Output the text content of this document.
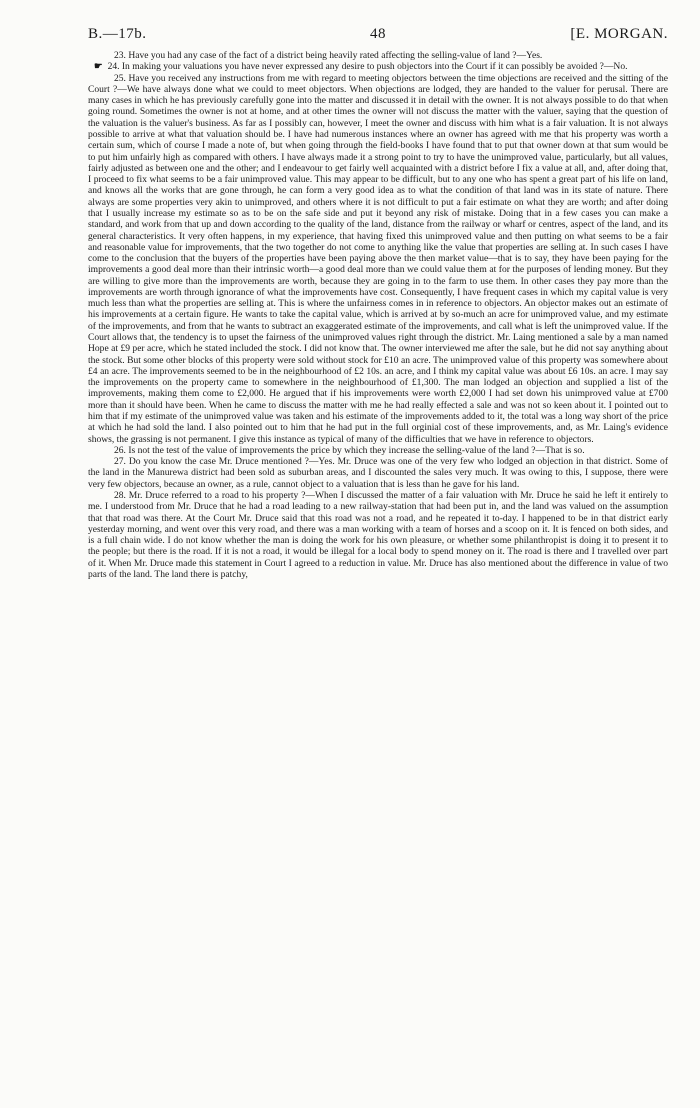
B.—17b.	48	[E. MORGAN.

23. Have you had any case of the fact of a district being heavily rated affecting the selling-value of land ?—Yes.

☛ 24. In making your valuations you have never expressed any desire to push objectors into the Court if it can possibly be avoided ?—No.

25. Have you received any instructions from me with regard to meeting objectors between the time objections are received and the sitting of the Court ?—We have always done what we could to meet objectors. When objections are lodged, they are handed to the valuer for perusal. There are many cases in which he has previously carefully gone into the matter and discussed it in detail with the owner. It is not always possible to do that when going round. Sometimes the owner is not at home, and at other times the owner will not discuss the matter with the valuer, saying that the question of the valuation is the valuer's business. As far as I possibly can, however, I meet the owner and discuss with him what is a fair valuation. It is not always possible to arrive at what that valuation should be. I have had numerous instances where an owner has agreed with me that his property was worth a certain sum, which of course I made a note of, but when going through the field-books I have found that to put that owner down at that sum would be to put him unfairly high as compared with others. I have always made it a strong point to try to have the unimproved value, particularly, but all values, fairly adjusted as between one and the other; and I endeavour to get fairly well acquainted with a district before I fix a value at all, and, after doing that, I proceed to fix what seems to be a fair unimproved value. This may appear to be difficult, but to any one who has spent a great part of his life on land, and knows all the works that are gone through, he can form a very good idea as to what the condition of that land was in its state of nature. There always are some properties very akin to unimproved, and others where it is not difficult to put a fair estimate on what they are worth; and after doing that I usually increase my estimate so as to be on the safe side and put it beyond any risk of mistake. Doing that in a few cases you can make a standard, and work from that up and down according to the quality of the land, distance from the railway or wharf or centres, aspect of the land, and its general characteristics. It very often happens, in my experience, that having fixed this unimproved value and then putting on what seems to be a fair and reasonable value for improvements, that the two together do not come to anything like the value that properties are selling at. In such cases I have come to the conclusion that the buyers of the properties have been paying above the then market value—that is to say, they have been paying for the improvements a good deal more than their intrinsic worth—a good deal more than we could value them at for the purposes of lending money. But they are willing to give more than the improvements are worth, because they are going in to the farm to use them. In other cases they pay more than the improvements are worth through ignorance of what the improvements have cost. Consequently, I have frequent cases in which my capital value is very much less than what the properties are selling at. This is where the unfairness comes in in reference to objectors. An objector makes out an estimate of his improvements at a certain figure. He wants to take the capital value, which is arrived at by so-much an acre for unimproved value, and my estimate of the improvements, and from that he wants to subtract an exaggerated estimate of the improvements, and call what is left the unimproved value. If the Court allows that, the tendency is to upset the fairness of the unimproved values right through the district. Mr. Laing mentioned a sale by a man named Hope at £9 per acre, which he stated included the stock. I did not know that. The owner interviewed me after the sale, but he did not say anything about the stock. But some other blocks of this property were sold without stock for £10 an acre. The unimproved value of this property was somewhere about £4 an acre. The improvements seemed to be in the neighbourhood of £2 10s. an acre, and I think my capital value was about £6 10s. an acre. I may say the improvements on the property came to somewhere in the neighbourhood of £1,300. The man lodged an objection and supplied a list of the improvements, making them come to £2,000. He argued that if his improvements were worth £2,000 I had set down his unimproved value at £700 more than it should have been. When he came to discuss the matter with me he had really effected a sale and was not so keen about it. I pointed out to him that if my estimate of the unimproved value was taken and his estimate of the improvements added to it, the total was a long way short of the price at which he had sold the land. I also pointed out to him that he had put in the full orginial cost of these improvements, and, as Mr. Laing's evidence shows, the grassing is not permanent. I give this instance as typical of many of the difficulties that we have in reference to objectors.

26. Is not the test of the value of improvements the price by which they increase the selling-value of the land ?—That is so.

27. Do you know the case Mr. Druce mentioned ?—Yes. Mr. Druce was one of the very few who lodged an objection in that district. Some of the land in the Manurewa district had been sold as suburban areas, and I discounted the sales very much. It was owing to this, I suppose, there were very few objectors, because an owner, as a rule, cannot object to a valuation that is less than he gave for his land.

28. Mr. Druce referred to a road to his property ?—When I discussed the matter of a fair valuation with Mr. Druce he said he left it entirely to me. I understood from Mr. Druce that he had a road leading to a new railway-station that had been put in, and the land was valued on the assumption that that road was there. At the Court Mr. Druce said that this road was not a road, and he repeated it to-day. I happened to be in that district early yesterday morning, and went over this very road, and there was a man working with a team of horses and a scoop on it. It is fenced on both sides, and is a full chain wide. I do not know whether the man is doing the work for his own pleasure, or whether some philanthropist is doing it to present it to the people; but there is the road. If it is not a road, it would be illegal for a local body to spend money on it. The road is there and I travelled over part of it. When Mr. Druce made this statement in Court I agreed to a reduction in value. Mr. Druce has also mentioned about the difference in value of two parts of the land. The land there is patchy,
